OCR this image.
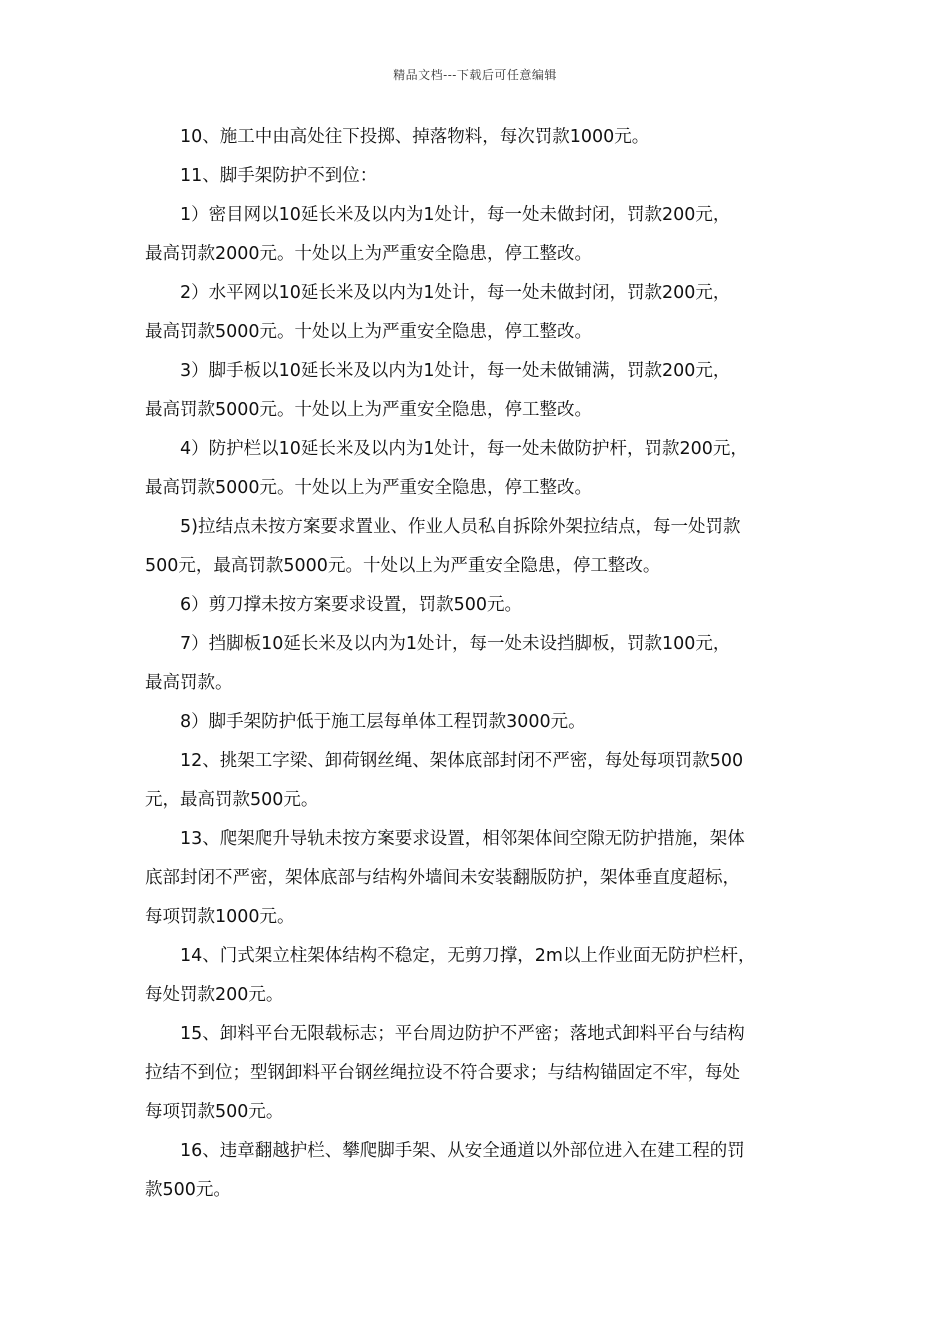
精品文档---下载后可任意编辑
10、施工中由高处往下投掷、掉落物料，每次罚款1000元。
11、脚手架防护不到位：
1）密目网以10延长米及以内为1处计，每一处未做封闭，罚款200元，
最高罚款2000元。十处以上为严重安全隐患，停工整改。
2）水平网以10延长米及以内为1处计，每一处未做封闭，罚款200元，
最高罚款5000元。十处以上为严重安全隐患，停工整改。
3）脚手板以10延长米及以内为1处计，每一处未做铺满，罚款200元，
最高罚款5000元。十处以上为严重安全隐患，停工整改。
4）防护栏以10延长米及以内为1处计，每一处未做防护杆，罚款200元，
最高罚款5000元。十处以上为严重安全隐患，停工整改。
5)拉结点未按方案要求置业、作业人员私自拆除外架拉结点，每一处罚款
500元，最高罚款5000元。十处以上为严重安全隐患，停工整改。
6）剪刀撑未按方案要求设置，罚款500元。
7）挡脚板10延长米及以内为1处计，每一处未设挡脚板，罚款100元，
最高罚款。
8）脚手架防护低于施工层每单体工程罚款3000元。
12、挑架工字梁、卸荷钢丝绳、架体底部封闭不严密，每处每项罚款500
元，最高罚款500元。
13、爬架爬升导轨未按方案要求设置，相邻架体间空隙无防护措施，架体
底部封闭不严密，架体底部与结构外墙间未安装翻版防护，架体垂直度超标，
每项罚款1000元。
14、门式架立柱架体结构不稳定，无剪刀撑，2m以上作业面无防护栏杆，
每处罚款200元。
15、卸料平台无限载标志；平台周边防护不严密；落地式卸料平台与结构
拉结不到位；型钢卸料平台钢丝绳拉设不符合要求；与结构锚固定不牢，每处
每项罚款500元。
16、违章翻越护栏、攀爬脚手架、从安全通道以外部位进入在建工程的罚
款500元。
